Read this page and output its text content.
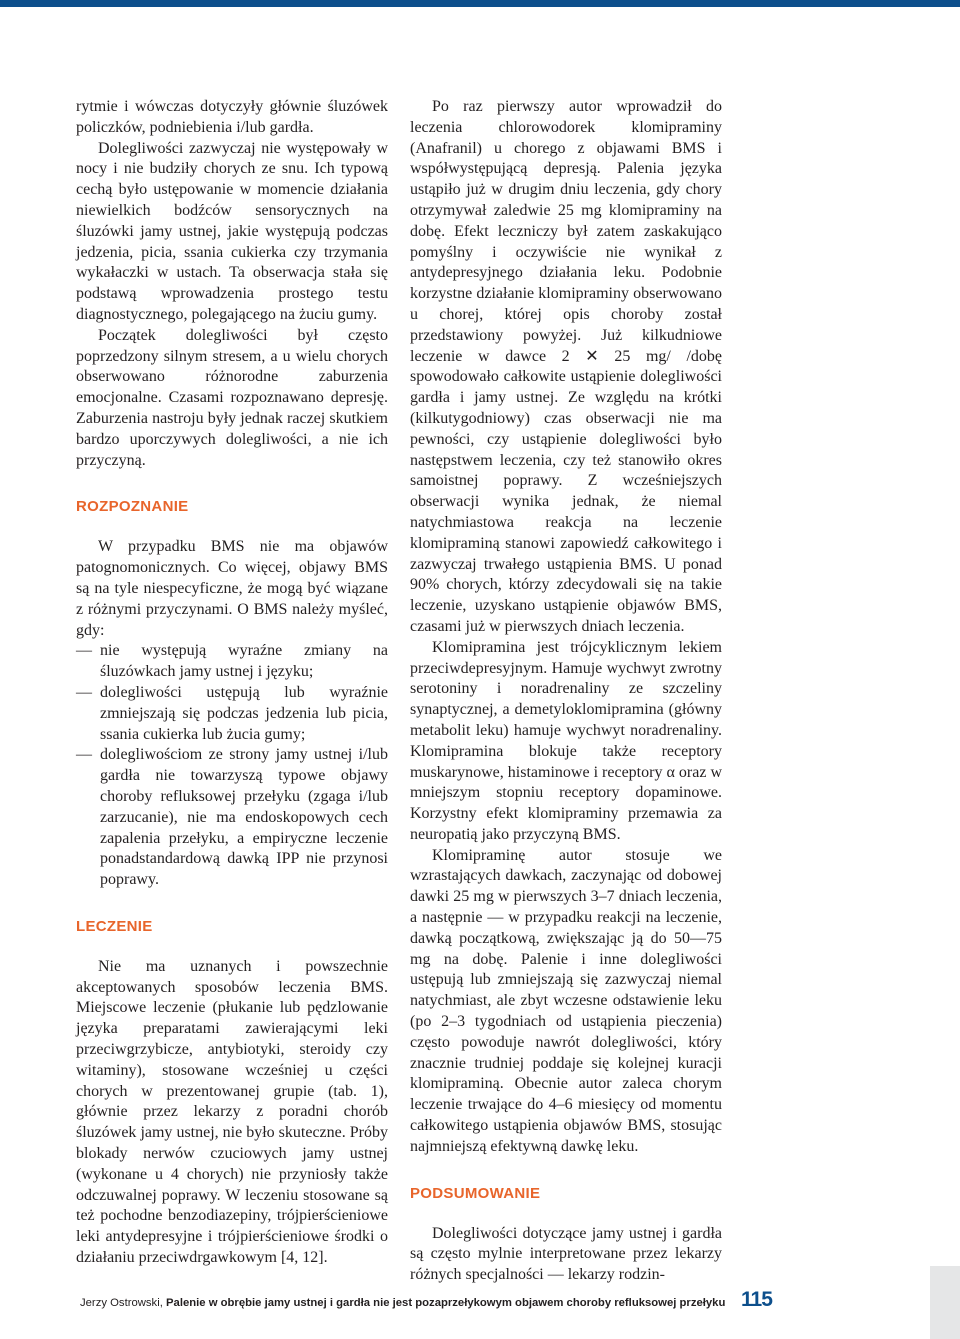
rytmie i wówczas dotyczyły głównie śluzówek policzków, podniebienia i/lub gardła.

Dolegliwości zazwyczaj nie występowały w nocy i nie budziły chorych ze snu. Ich typową cechą było ustępowanie w momencie działania niewielkich bodźców sensorycznych na śluzówki jamy ustnej, jakie występują podczas jedzenia, picia, ssania cukierka czy trzymania wykałaczki w ustach. Ta obserwacja stała się podstawą wprowadzenia prostego testu diagnostycznego, polegającego na żuciu gumy.

Początek dolegliwości był często poprzedzony silnym stresem, a u wielu chorych obserwowano różnorodne zaburzenia emocjonalne. Czasami rozpoznawano depresję. Zaburzenia nastroju były jednak raczej skutkiem bardzo uporczywych dolegliwości, a nie ich przyczyną.

ROZPOZNANIE

W przypadku BMS nie ma objawów patognomonicznych. Co więcej, objawy BMS są na tyle niespecyficzne, że mogą być wiązane z różnymi przyczynami. O BMS należy myśleć, gdy:

— nie występują wyraźne zmiany na śluzówkach jamy ustnej i języku;
— dolegliwości ustępują lub wyraźnie zmniejszają się podczas jedzenia lub picia, ssania cukierka lub żucia gumy;
— dolegliwościom ze strony jamy ustnej i/lub gardła nie towarzyszą typowe objawy choroby refluksowej przełyku (zgaga i/lub zarzucanie), nie ma endoskopowych cech zapalenia przełyku, a empiryczne leczenie ponadstandardową dawką IPP nie przynosi poprawy.
LECZENIE

Nie ma uznanych i powszechnie akceptowanych sposobów leczenia BMS. Miejscowe leczenie (płukanie lub pędzlowanie języka preparatami zawierającymi leki przeciwgrzybicze, antybiotyki, steroidy czy witaminy), stosowane wcześniej u części chorych w prezentowanej grupie (tab. 1), głównie przez lekarzy z poradni chorób śluzówek jamy ustnej, nie było skuteczne. Próby blokady nerwów czuciowych jamy ustnej (wykonane u 4 chorych) nie przyniosły także odczuwalnej poprawy. W leczeniu stosowane są też pochodne benzodiazepiny, trójpierścieniowe leki antydepresyjne i trójpierścieniowe środki o działaniu przeciwdrgawkowym [4, 12].

Po raz pierwszy autor wprowadził do leczenia chlorowodorek klomipraminy (Anafranil) u chorego z objawami BMS i współwystępującą depresją. Palenia języka ustąpiło już w drugim dniu leczenia, gdy chory otrzymywał zaledwie 25 mg klomipraminy na dobę. Efekt leczniczy był zatem zaskakująco pomyślny i oczywiście nie wynikał z antydepresyjnego działania leku. Podobnie korzystne działanie klomipraminy obserwowano u chorej, której opis choroby został przedstawiony powyżej. Już kilkudniowe leczenie w dawce 2 ✕ 25 mg/ /dobę spowodowało całkowite ustąpienie dolegliwości gardła i jamy ustnej. Ze względu na krótki (kilkutygodniowy) czas obserwacji nie ma pewności, czy ustąpienie dolegliwości było następstwem leczenia, czy też stanowiło okres samoistnej poprawy. Z wcześniejszych obserwacji wynika jednak, że niemal natychmiastowa reakcja na leczenie klomipraminą stanowi zapowiedź całkowitego i zazwyczaj trwałego ustąpienia BMS. U ponad 90% chorych, którzy zdecydowali się na takie leczenie, uzyskano ustąpienie objawów BMS, czasami już w pierwszych dniach leczenia.

Klomipramina jest trójcyklicznym lekiem przeciwdepresyjnym. Hamuje wychwyt zwrotny serotoniny i noradrenaliny ze szczeliny synaptycznej, a demetyloklomipramina (główny metabolit leku) hamuje wychwyt noradrenaliny. Klomipramina blokuje także receptory muskarynowe, histaminowe i receptory α oraz w mniejszym stopniu receptory dopaminowe. Korzystny efekt klomipraminy przemawia za neuropatią jako przyczyną BMS.

Klomipraminę autor stosuje we wzrastających dawkach, zaczynając od dobowej dawki 25 mg w pierwszych 3–7 dniach leczenia, a następnie — w przypadku reakcji na leczenie, dawką początkową, zwiększając ją do 50—75 mg na dobę. Palenie i inne dolegliwości ustępują lub zmniejszają się zazwyczaj niemal natychmiast, ale zbyt wczesne odstawienie leku (po 2–3 tygodniach od ustąpienia pieczenia) często powoduje nawrót dolegliwości, który znacznie trudniej poddaje się kolejnej kuracji klomipraminą. Obecnie autor zaleca chorym leczenie trwające do 4–6 miesięcy od momentu całkowitego ustąpienia objawów BMS, stosując najmniejszą efektywną dawkę leku.

PODSUMOWANIE

Dolegliwości dotyczące jamy ustnej i gardła są często mylnie interpretowane przez lekarzy różnych specjalności — lekarzy rodzin-

Jerzy Ostrowski, Palenie w obrębie jamy ustnej i gardła nie jest pozaprzełykowym objawem choroby refluksowej przełyku 115
